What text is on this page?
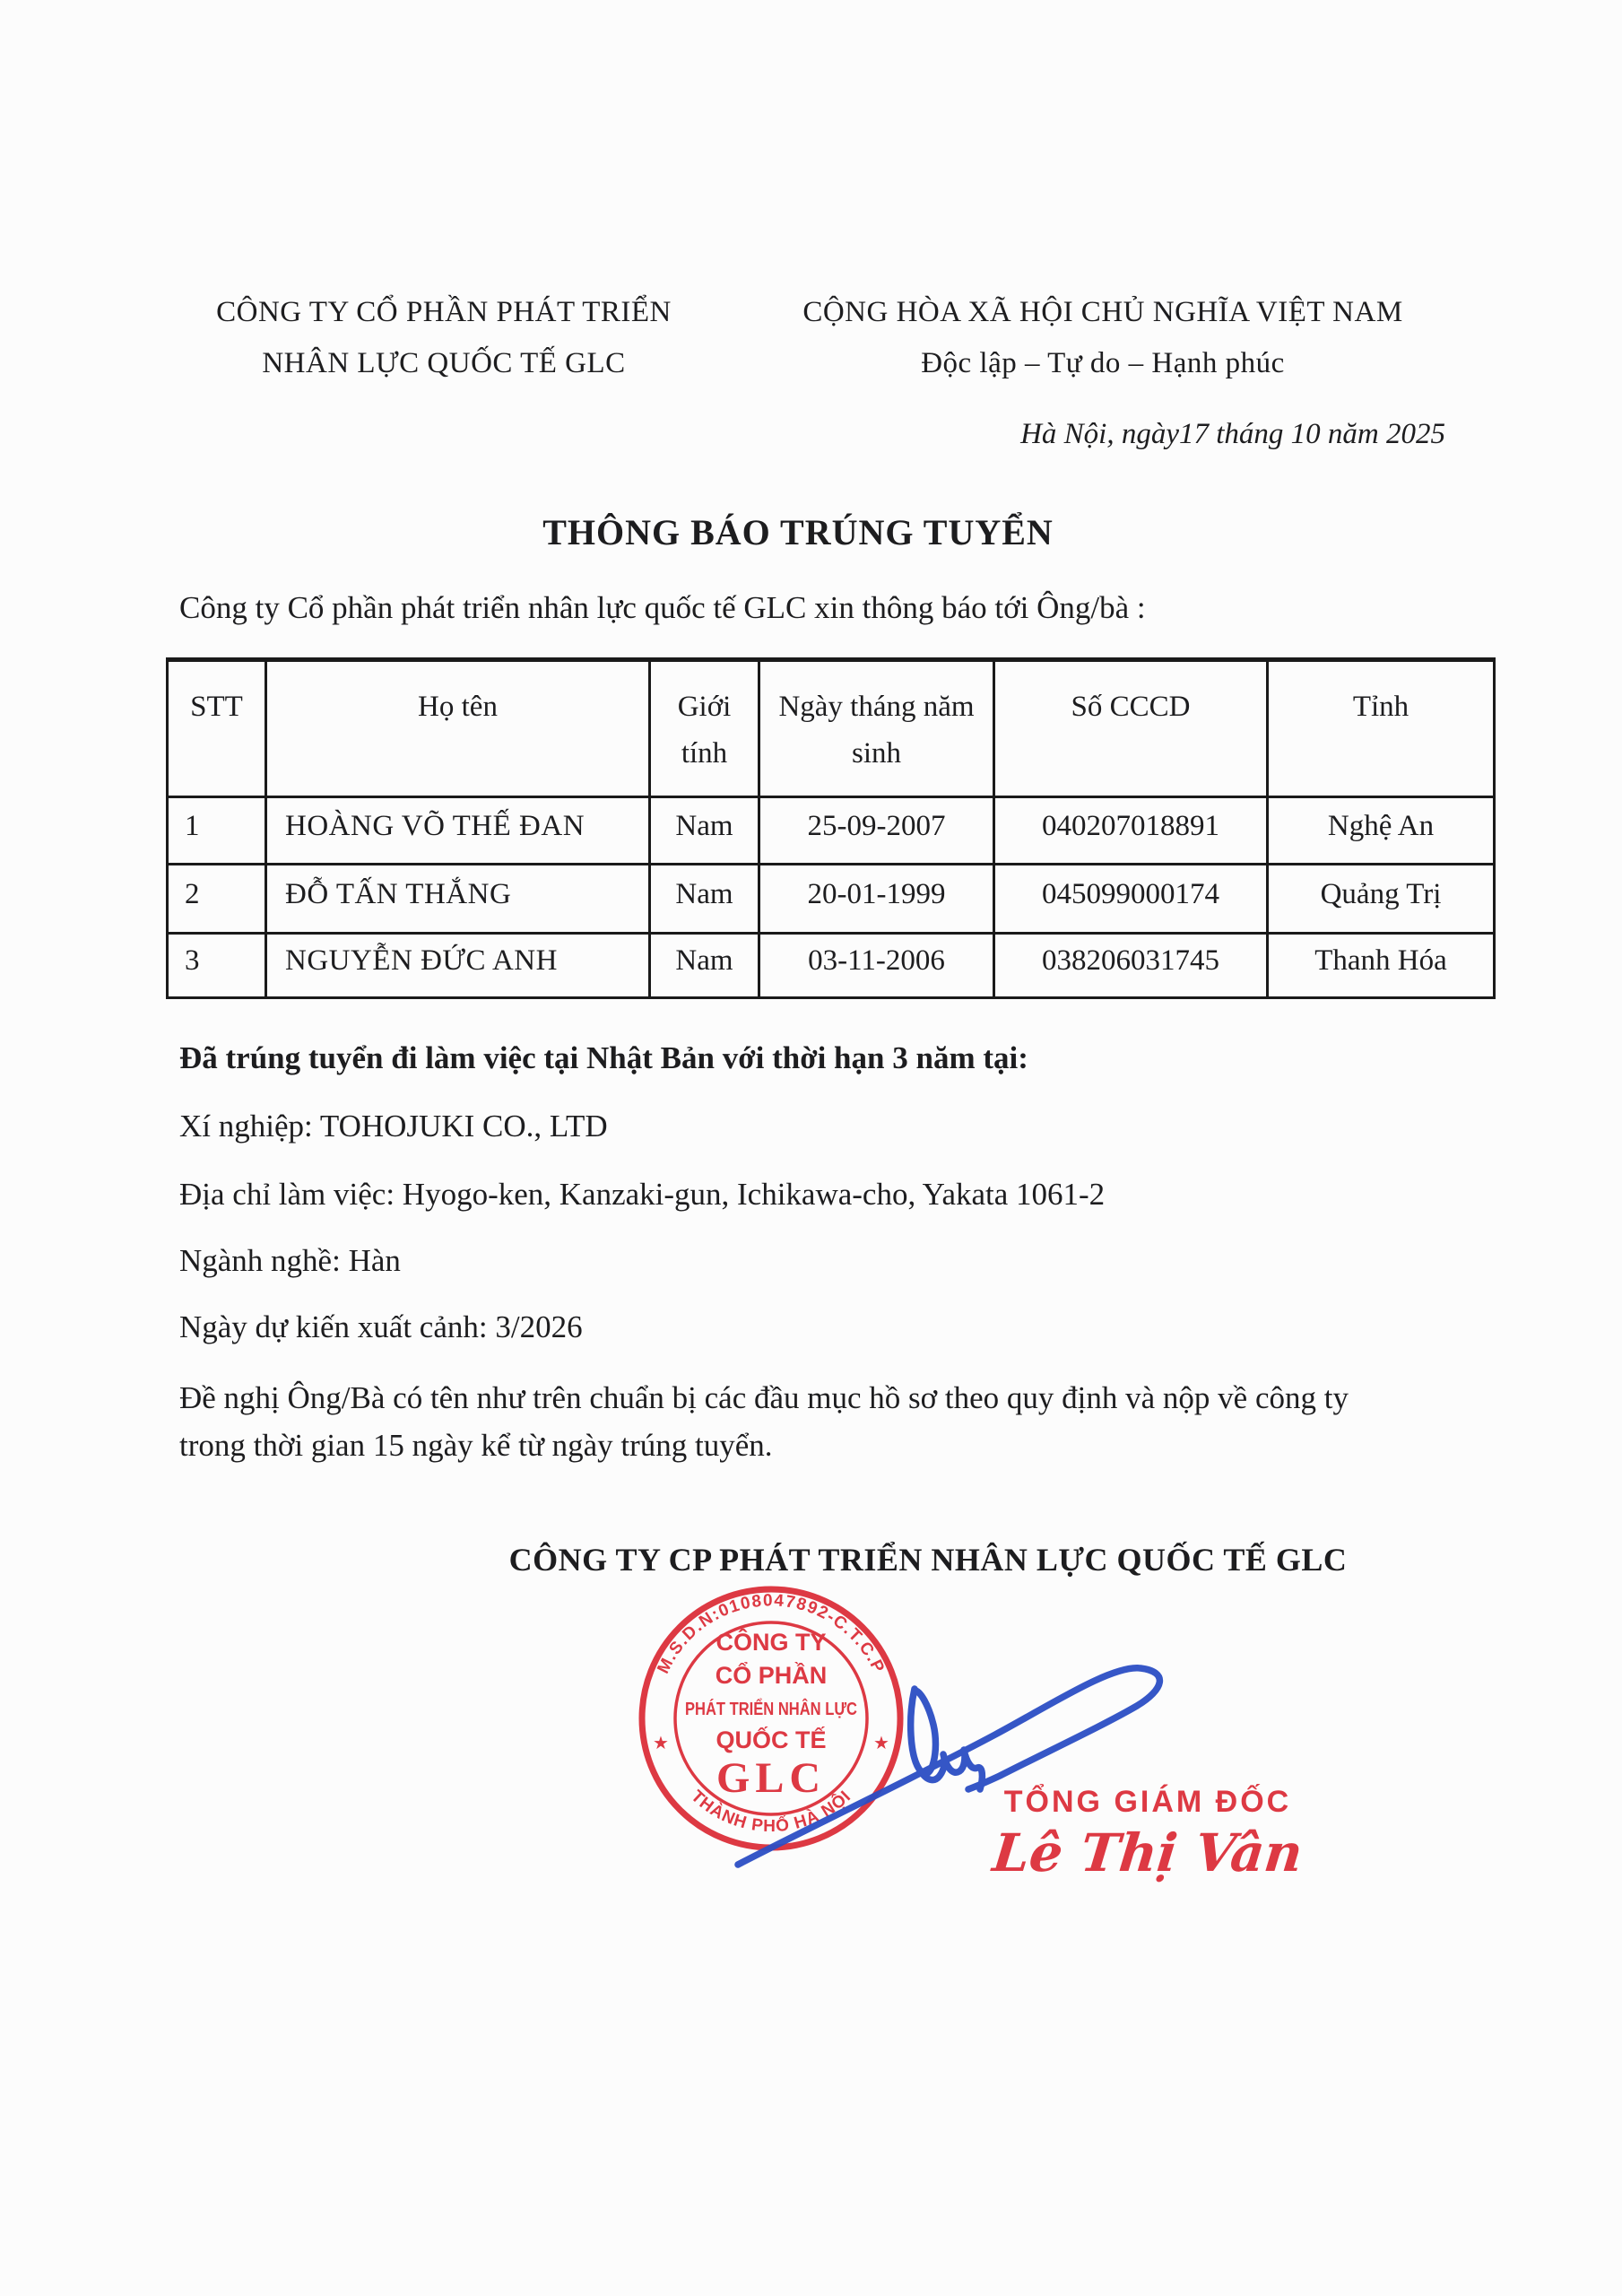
CÔNG TY CỔ PHẦN PHÁT TRIỂN
NHÂN LỰC QUỐC TẾ GLC
CỘNG HÒA XÃ HỘI CHỦ NGHĨA VIỆT NAM
Độc lập – Tự do – Hạnh phúc
Hà Nội, ngày17 tháng 10 năm 2025
THÔNG BÁO TRÚNG TUYỂN
Công ty Cổ phần phát triển nhân lực quốc tế GLC xin thông báo tới Ông/bà :
STT	Họ tên	Giới tính	Ngày tháng năm sinh	Số CCCD	Tỉnh
1	HOÀNG VÕ THẾ ĐAN	Nam	25-09-2007	040207018891	Nghệ An
2	ĐỖ TẤN THẮNG	Nam	20-01-1999	045099000174	Quảng Trị
3	NGUYỄN ĐỨC ANH	Nam	03-11-2006	038206031745	Thanh Hóa
Đã trúng tuyển đi làm việc tại Nhật Bản với thời hạn 3 năm tại:
Xí nghiệp: TOHOJUKI CO., LTD
Địa chỉ làm việc: Hyogo-ken, Kanzaki-gun, Ichikawa-cho, Yakata 1061-2
Ngành nghề: Hàn
Ngày dự kiến xuất cảnh: 3/2026
Đề nghị Ông/Bà có tên như trên chuẩn bị các đầu mục hồ sơ theo quy định và nộp về công ty trong thời gian 15 ngày kể từ ngày trúng tuyển.
CÔNG TY CP PHÁT TRIỂN NHÂN LỰC QUỐC TẾ GLC
M.S.D.N:0108047892-C.T.C.P
THÀNH PHỐ HÀ NỘI
★	★
CÔNG TY
CỔ PHẦN
PHÁT TRIỂN NHÂN LỰC
QUỐC TẾ
GLC	TỔNG GIÁM ĐỐC
Lê Thị Vân
